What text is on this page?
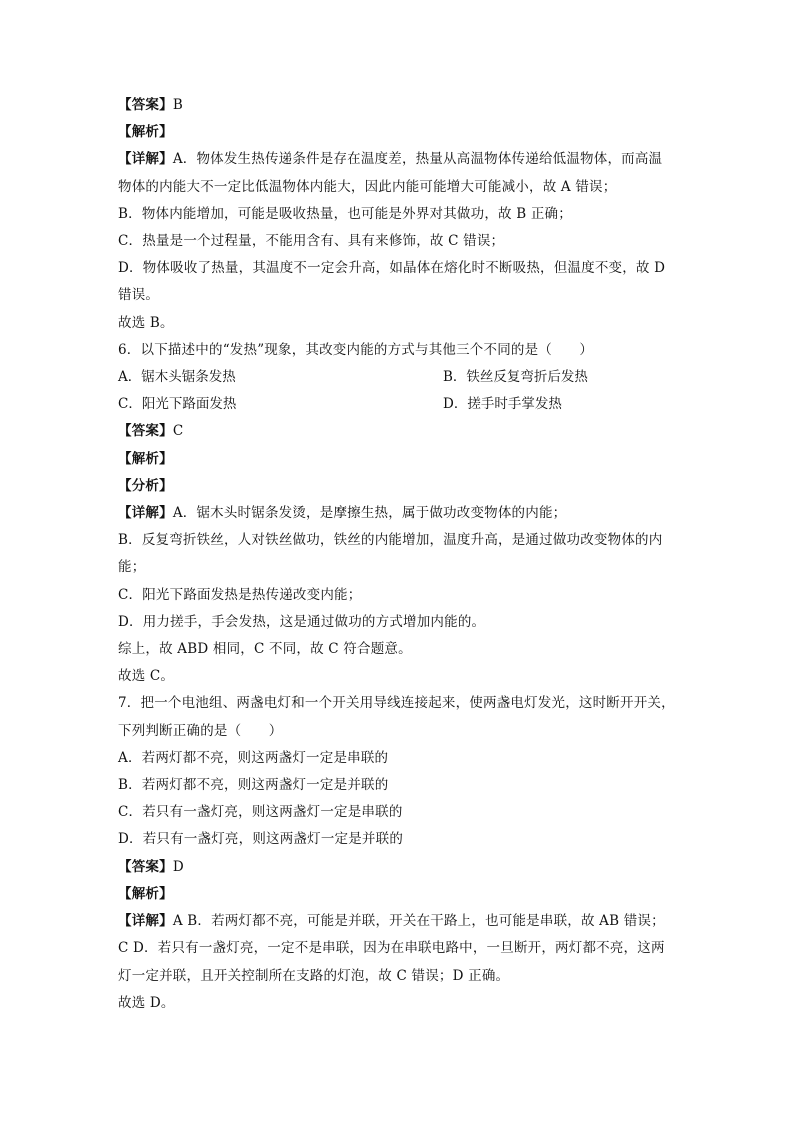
【答案】B
【解析】
【详解】A．物体发生热传递条件是存在温度差，热量从高温物体传递给低温物体，而高温
物体的内能大不一定比低温物体内能大，因此内能可能增大可能减小，故 A 错误；
B．物体内能增加，可能是吸收热量，也可能是外界对其做功，故 B 正确；
C．热量是一个过程量，不能用含有、具有来修饰，故 C 错误；
D．物体吸收了热量，其温度不一定会升高，如晶体在熔化时不断吸热，但温度不变，故 D
错误。
故选 B。
6．以下描述中的“发热”现象，其改变内能的方式与其他三个不同的是（　　）
A．锯木头锯条发热	B．铁丝反复弯折后发热
C．阳光下路面发热	D．搓手时手掌发热
【答案】C
【解析】
【分析】
【详解】A．锯木头时锯条发烫，是摩擦生热，属于做功改变物体的内能；
B．反复弯折铁丝，人对铁丝做功，铁丝的内能增加，温度升高，是通过做功改变物体的内
能；
C．阳光下路面发热是热传递改变内能；
D．用力搓手，手会发热，这是通过做功的方式增加内能的。
综上，故 ABD 相同，C 不同，故 C 符合题意。
故选 C。
7．把一个电池组、两盏电灯和一个开关用导线连接起来，使两盏电灯发光，这时断开开关，
下列判断正确的是（　　）
A．若两灯都不亮，则这两盏灯一定是串联的
B．若两灯都不亮，则这两盏灯一定是并联的
C．若只有一盏灯亮，则这两盏灯一定是串联的
D．若只有一盏灯亮，则这两盏灯一定是并联的
【答案】D
【解析】
【详解】A B．若两灯都不亮，可能是并联，开关在干路上，也可能是串联，故 AB 错误；
C D．若只有一盏灯亮，一定不是串联，因为在串联电路中，一旦断开，两灯都不亮，这两
灯一定并联，且开关控制所在支路的灯泡，故 C 错误；D 正确。
故选 D。
